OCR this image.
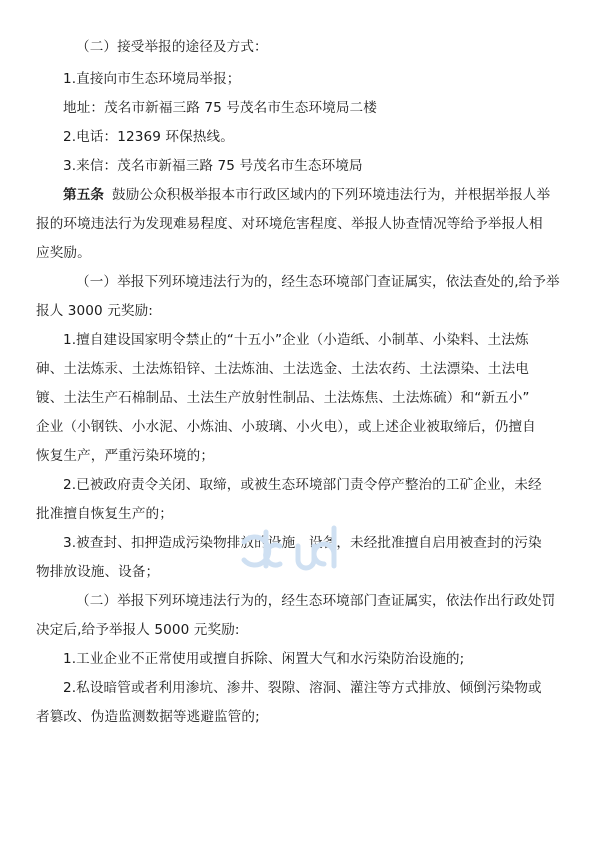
（二）接受举报的途径及方式：
1.直接向市生态环境局举报；
地址：茂名市新福三路 75 号茂名市生态环境局二楼
2.电话：12369 环保热线。
3.来信：茂名市新福三路 75 号茂名市生态环境局
第五条 鼓励公众积极举报本市行政区域内的下列环境违法行为，并根据举报人举
报的环境违法行为发现难易程度、对环境危害程度、举报人协查情况等给予举报人相
应奖励。
（一）举报下列环境违法行为的，经生态环境部门查证属实，依法查处的,给予举
报人 3000 元奖励:
1.擅自建设国家明令禁止的“十五小”企业（小造纸、小制革、小染料、土法炼
砷、土法炼汞、土法炼铅锌、土法炼油、土法选金、土法农药、土法漂染、土法电
镀、土法生产石棉制品、土法生产放射性制品、土法炼焦、土法炼硫）和“新五小”
企业（小钢铁、小水泥、小炼油、小玻璃、小火电），或上述企业被取缔后，仍擅自
恢复生产，严重污染环境的；
2.已被政府责令关闭、取缔，或被生态环境部门责令停产整治的工矿企业，未经
批准擅自恢复生产的；
3.被查封、扣押造成污染物排放的设施、设备，未经批准擅自启用被查封的污染
物排放设施、设备；
（二）举报下列环境违法行为的，经生态环境部门查证属实，依法作出行政处罚
决定后,给予举报人 5000 元奖励:
1.工业企业不正常使用或擅自拆除、闲置大气和水污染防治设施的;
2.私设暗管或者利用渗坑、渗井、裂隙、溶洞、灌注等方式排放、倾倒污染物或
者篡改、伪造监测数据等逃避监管的;
